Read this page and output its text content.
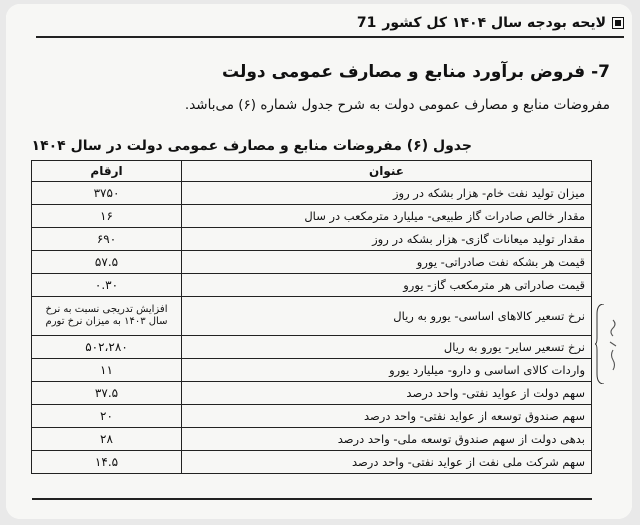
لایحه بودجه سال ۱۴۰۴ کل کشور
71
7- فروض برآورد منابع و مصارف عمومی دولت
مفروضات منابع و مصارف عمومی دولت به شرح جدول شماره (۶) می‌باشد.
جدول (۶) مفروضات منابع و مصارف عمومی دولت در سال ۱۴۰۴
عنوان	ارقام
میزان تولید نفت خام- هزار بشکه در روز	۳۷۵۰
مقدار خالص صادرات گاز طبیعی- میلیارد مترمکعب در سال	۱۶
مقدار تولید میعانات گازی- هزار بشکه در روز	۶۹۰
قیمت هر بشکه نفت صادراتی- یورو	۵۷.۵
قیمت صادراتی هر مترمکعب گاز- یورو	۰.۳۰
نرخ تسعیر کالاهای اساسی- یورو به ریال	افزایش تدریجی نسبت به نرخ سال ۱۴۰۳ به میزان نرخ تورم
نرخ تسعیر سایر- یورو به ریال	۵۰۲،۲۸۰
واردات کالای اساسی و دارو- میلیارد یورو	۱۱
سهم دولت از عواید نفتی- واحد درصد	۳۷.۵
سهم صندوق توسعه از عواید نفتی- واحد درصد	۲۰
بدهی دولت از سهم صندوق توسعه ملی- واحد درصد	۲۸
سهم شرکت ملی نفت از عواید نفتی- واحد درصد	۱۴.۵
